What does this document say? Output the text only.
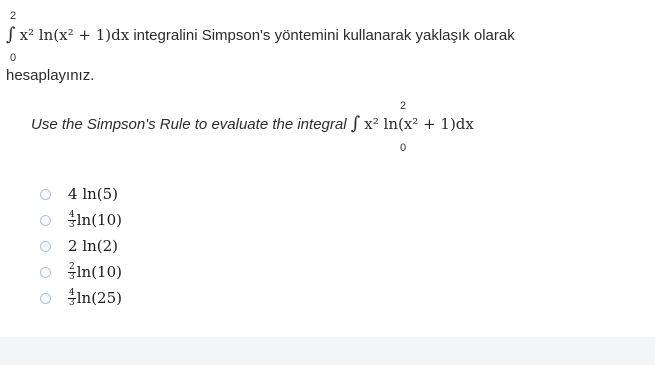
2
0
∫ x² ln(x² + 1)dx integralini Simpson's yöntemini kullanarak yaklaşık olarak
hesaplayınız.
2
0
Use the Simpson's Rule to evaluate the integral ∫ x² ln(x² + 1)dx
4
ln(5)
$\frac{4}{3} \ln(10)$
2
ln(2)
$\frac{2}{3} \ln(10)$
$\frac{4}{3} \ln(25)$
